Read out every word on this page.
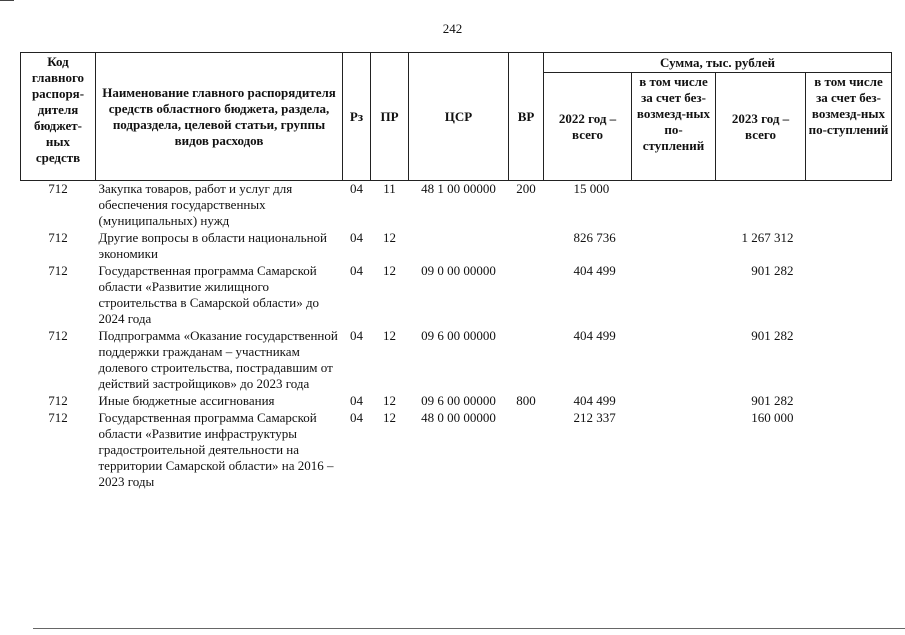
242
Код главного распоря-дителя бюджет-ных средств	Наименование главного распорядителя средств областного бюджета, раздела, подраздела, целевой статьи, группы видов расходов	Рз	ПР	ЦСР	ВР	Сумма, тыс. рублей			
						2022 год – всего	в том числе за счет без-возмезд-ных по-ступлений	2023 год – всего	в том числе за счет без-возмезд-ных по-ступлений
712	Закупка товаров, работ и услуг для обеспечения государственных (муниципальных) нужд	04	11	48 1 00 00000	200	15 000			
712	Другие вопросы в области национальной экономики	04	12			826 736		1 267 312	
712	Государственная программа Самарской области «Развитие жилищного строительства в Самарской области» до 2024 года	04	12	09 0 00 00000		404 499		901 282	
712	Подпрограмма «Оказание государственной поддержки гражданам – участникам долевого строительства, пострадавшим от действий застройщиков» до 2023 года	04	12	09 6 00 00000		404 499		901 282	
712	Иные бюджетные ассигнования	04	12	09 6 00 00000	800	404 499		901 282	
712	Государственная программа Самарской области «Развитие инфраструктуры градостроительной деятельности на территории Самарской области» на 2016 – 2023 годы	04	12	48 0 00 00000		212 337		160 000	
